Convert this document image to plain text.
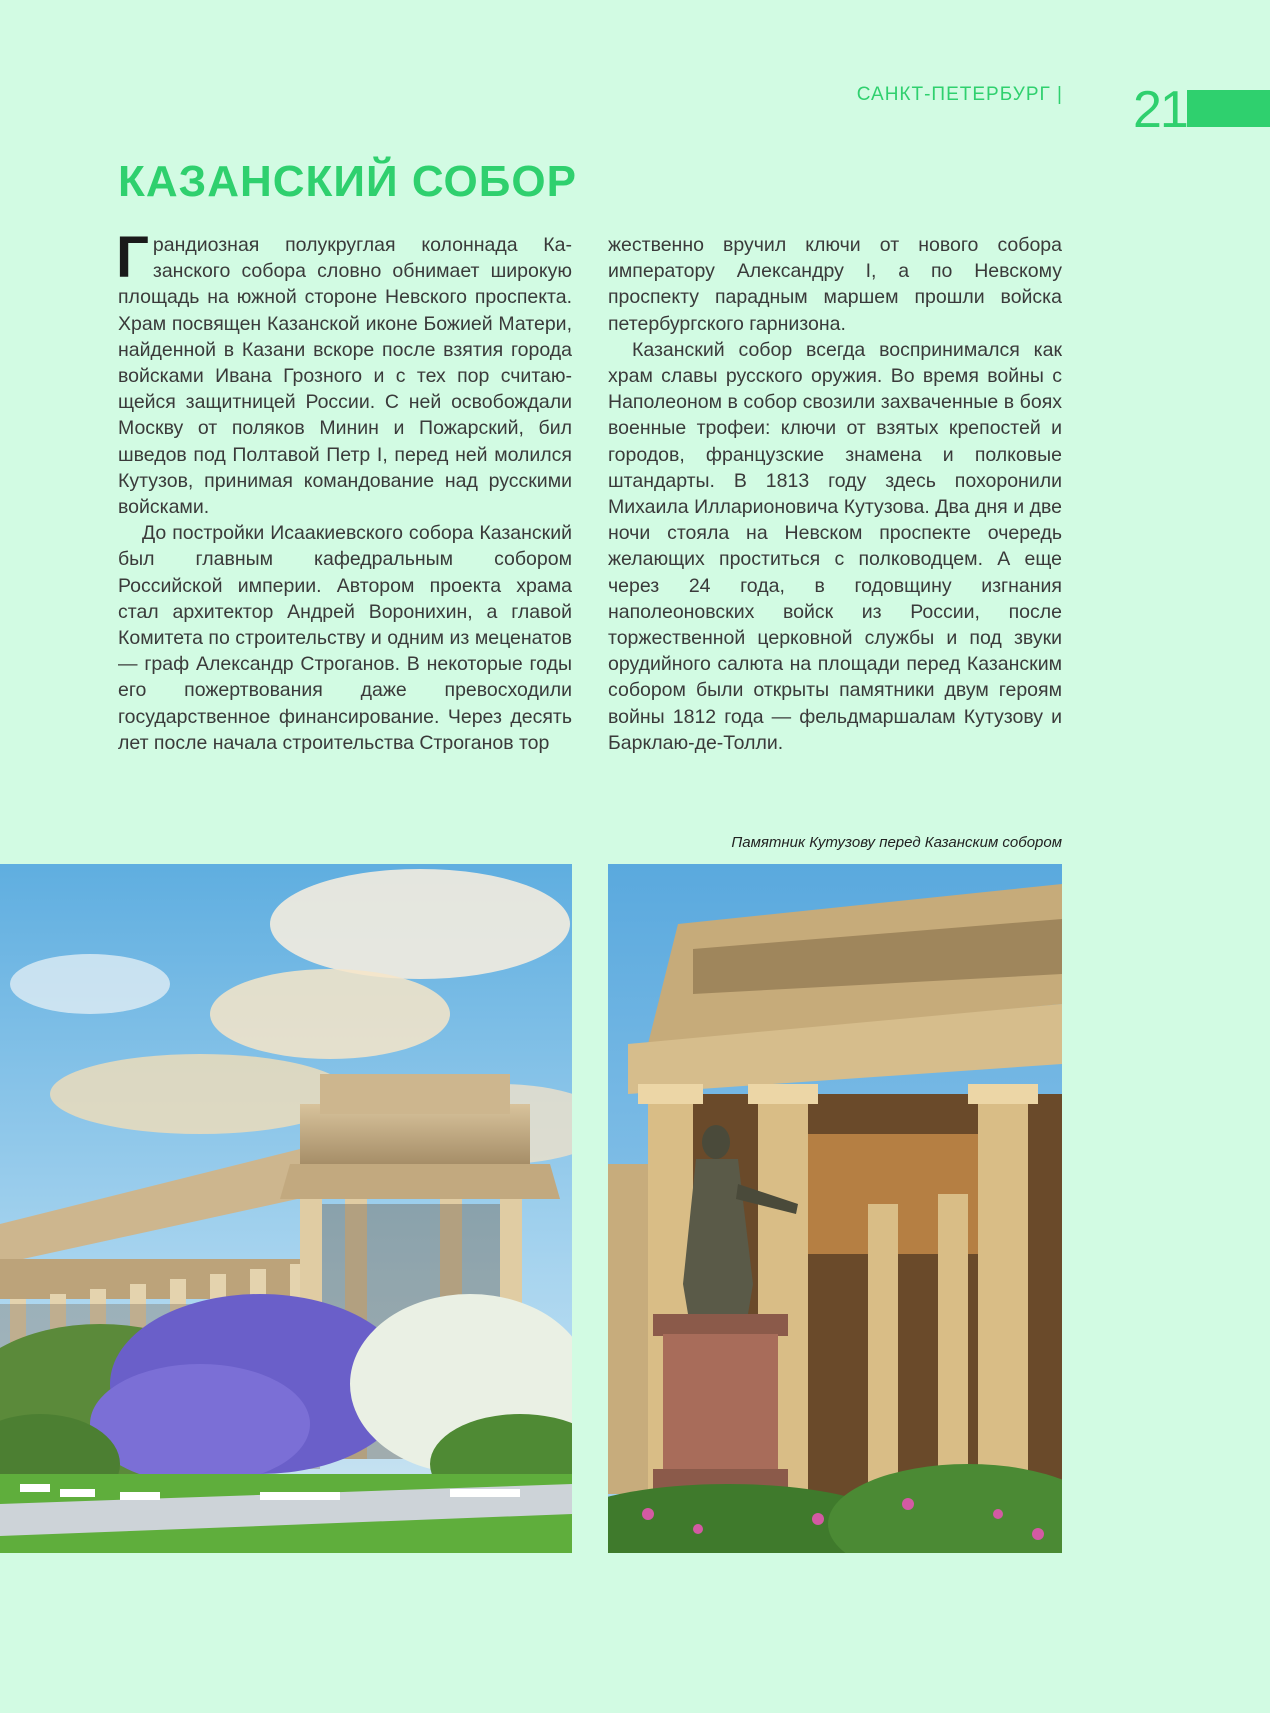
САНКТ-ПЕТЕРБУРГ | 21
КАЗАНСКИЙ СОБОР

Грандиозная полукруглая колоннада Казанского собора словно обнимает широкую площадь на южной стороне Невского проспекта. Храм посвящен Казанской иконе Божией Матери, найденной в Казани вскоре после взятия города войсками Ивана Грозного и с тех пор считающейся защитницей России. С ней освобождали Москву от поляков Минин и Пожарский, бил шведов под Полтавой Петр I, перед ней молился Кутузов, принимая командование над русскими войсками.

До постройки Исаакиевского собора Казанский был главным кафедральным собором Российской империи. Автором проекта храма стал архитектор Андрей Воронихин, а главой Комитета по строительству и одним из меценатов — граф Александр Строганов. В некоторые годы его пожертвования даже превосходили государственное финансирование. Через десять лет после начала строительства Строганов тор

жественно вручил ключи от нового собора императору Александру I, а по Невскому проспекту парадным маршем прошли войска петербургского гарнизона.

Казанский собор всегда воспринимался как храм славы русского оружия. Во время войны с Наполеоном в собор свозили захваченные в боях военные трофеи: ключи от взятых крепостей и городов, французские знамена и полковые штандарты. В 1813 году здесь похоронили Михаила Илларионовича Кутузова. Два дня и две ночи стояла на Невском проспекте очередь желающих проститься с полководцем. А еще через 24 года, в годовщину изгнания наполеоновских войск из России, после торжественной церковной службы и под звуки орудийного салюта на площади перед Казанским собором были открыты памятники двум героям войны 1812 года — фельдмаршалам Кутузову и Барклаю-де-Толли.

Памятник Кутузову перед Казанским собором
